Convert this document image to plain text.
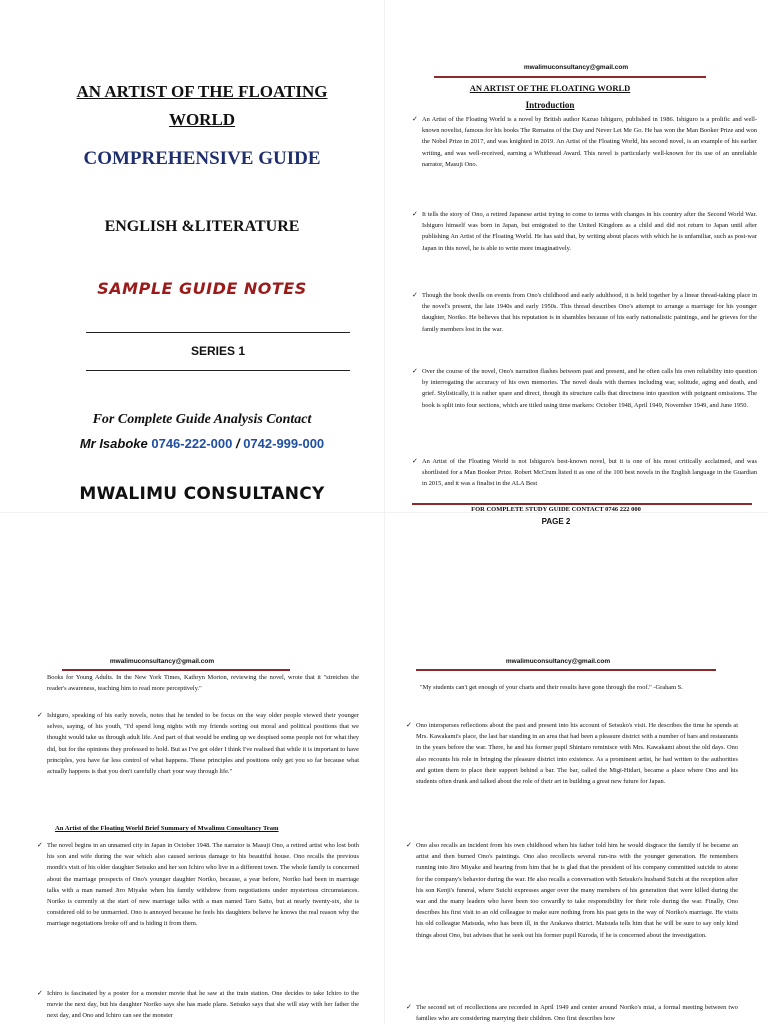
AN ARTIST OF THE FLOATING
WORLD
COMPREHENSIVE GUIDE
ENGLISH &LITERATURE
SAMPLE GUIDE NOTES
SERIES 1
For Complete Guide Analysis Contact
Mr Isaboke 0746-222-000 / 0742-999-000
MWALIMU CONSULTANCY
mwalimuconsultancy@gmail.com
AN ARTIST OF THE FLOATING WORLD
Introduction

✓ An Artist of the Floating World is a novel by British author Kazuo Ishiguro, published in 1986. Ishiguro is a prolific and well-known novelist, famous for his books The Remains of the Day and Never Let Me Go. He has won the Man Booker Prize and won the Nobel Prize in 2017, and was knighted in 2019. An Artist of the Floating World, his second novel, is an example of his earlier writing, and was well-received, earning a Whitbread Award. This novel is particularly well-known for its use of an unreliable narrator, Masuji Ono.

✓ It tells the story of Ono, a retired Japanese artist trying to come to terms with changes in his country after the Second World War. Ishiguro himself was born in Japan, but emigrated to the United Kingdom as a child and did not return to Japan until after publishing An Artist of the Floating World. He has said that, by writing about places with which he is unfamiliar, such as post-war Japan in this novel, he is able to write more imaginatively.

✓ Though the book dwells on events from Ono's childhood and early adulthood, it is held together by a linear thread-taking place in the novel's present, the late 1940s and early 1950s. This thread describes Ono's attempt to arrange a marriage for his younger daughter, Noriko. He believes that his reputation is in shambles because of his early nationalistic paintings, and he grieves for the family members lost in the war.

✓ Over the course of the novel, Ono's narration flashes between past and present, and he often calls his own reliability into question by interrogating the accuracy of his own memories. The novel deals with themes including war, solitude, aging and death, and grief. Stylistically, it is rather spare and direct, though its structure calls that directness into question with poignant omissions. The book is split into four sections, which are titled using time markers: October 1948, April 1949, November 1949, and June 1950.

✓ An Artist of the Floating World is not Ishiguro's best-known novel, but it is one of his most critically acclaimed, and was shortlisted for a Man Booker Prize. Robert McCrum listed it as one of the 100 best novels in the English language in the Guardian in 2015, and it was a finalist in the ALA Best

FOR COMPLETE STUDY GUIDE CONTACT 0746 222 000
PAGE 2
mwalimuconsultancy@gmail.com

Books for Young Adults. In the New York Times, Kathryn Morton, reviewing the novel, wrote that it "stretches the reader's awareness, teaching him to read more perceptively."

✓ Ishiguro, speaking of his early novels, notes that he tended to be focus on the way older people viewed their younger selves, saying, of his youth, "I'd spend long nights with my friends sorting out moral and political positions that we thought would take us through adult life. And part of that would be ending up we despised some people not for what they did, but for the opinions they professed to hold. But as I've got older I think I've realised that while it is important to have principles, you have far less control of what happens. These principles and positions only get you so far because what actually happens is that you don't carefully chart your way through life."

An Artist of the Floating World Brief Summary of Mwalimu Consultancy Team

✓ The novel begins in an unnamed city in Japan in October 1948. The narrator is Masuji Ono, a retired artist who lost both his son and wife during the war which also caused serious damage to his beautiful house. Ono recalls the previous month's visit of his older daughter Setsuko and her son Ichiro who live in a different town. The whole family is concerned about the marriage prospects of Ono's younger daughter Noriko, because, a year before, Noriko had been in marriage talks with a man named Jiro Miyake when his family withdrew from negotiations under mysterious circumstances. Noriko is currently at the start of new marriage talks with a man named Taro Saito, but at nearly twenty-six, she is considered old to be unmarried. Ono is annoyed because he feels his daughters believe he knows the real reason why the marriage negotiations broke off and is hiding it from them.

✓ Ichiro is fascinated by a poster for a monster movie that he saw at the train station. One decides to take Ichiro to the movie the next day, but his daughter Noriko says she has made plans. Setsuko says that she will stay with her father the next day, and Ono and Ichiro can see the monster

mwalimuconsultancy@gmail.com

"My students can't get enough of your charts and their results have gone through the roof." -Graham S.

✓ Ono intersperses reflections about the past and present into his account of Setsuko's visit. He describes the time he spends at Mrs. Kawakami's place, the last bar standing in an area that had been a pleasure district with a number of bars and restaurants in the years before the war. There, he and his former pupil Shintaro reminisce with Mrs. Kawakami about the old days. Ono also recounts his role in bringing the pleasure district into existence. As a prominent artist, he had written to the authorities and gotten them to place their support behind a bar. The bar, called the Migi-Hidari, became a place where Ono and his students often drank and talked about the role of their art in building a great new future for Japan.

✓ Ono also recalls an incident from his own childhood when his father told him he would disgrace the family if he became an artist and then burned Ono's paintings. Ono also recollects several run-ins with the younger generation. He remembers running into Jiro Miyake and hearing from him that he is glad that the president of his company committed suicide to atone for the company's behavior during the war. He also recalls a conversation with Setsuko's husband Suichi at the reception after his son Kenji's funeral, where Suichi expresses anger over the many members of his generation that were killed during the war and the many leaders who have been too cowardly to take responsibility for their role during the war. Finally, Ono describes his first visit to an old colleague to make sure nothing from his past gets in the way of Noriko's marriage. He visits his old colleague Matsuda, who has been ill, in the Arakawa district. Matsuda tells him that he will be sure to say only kind things about Ono, but advises that he seek out his former pupil Kuroda, if he is concerned about the investigation.

✓ The second set of recollections are recorded in April 1949 and center around Noriko's miai, a formal meeting between two families who are considering marrying their children. Ono first describes how
